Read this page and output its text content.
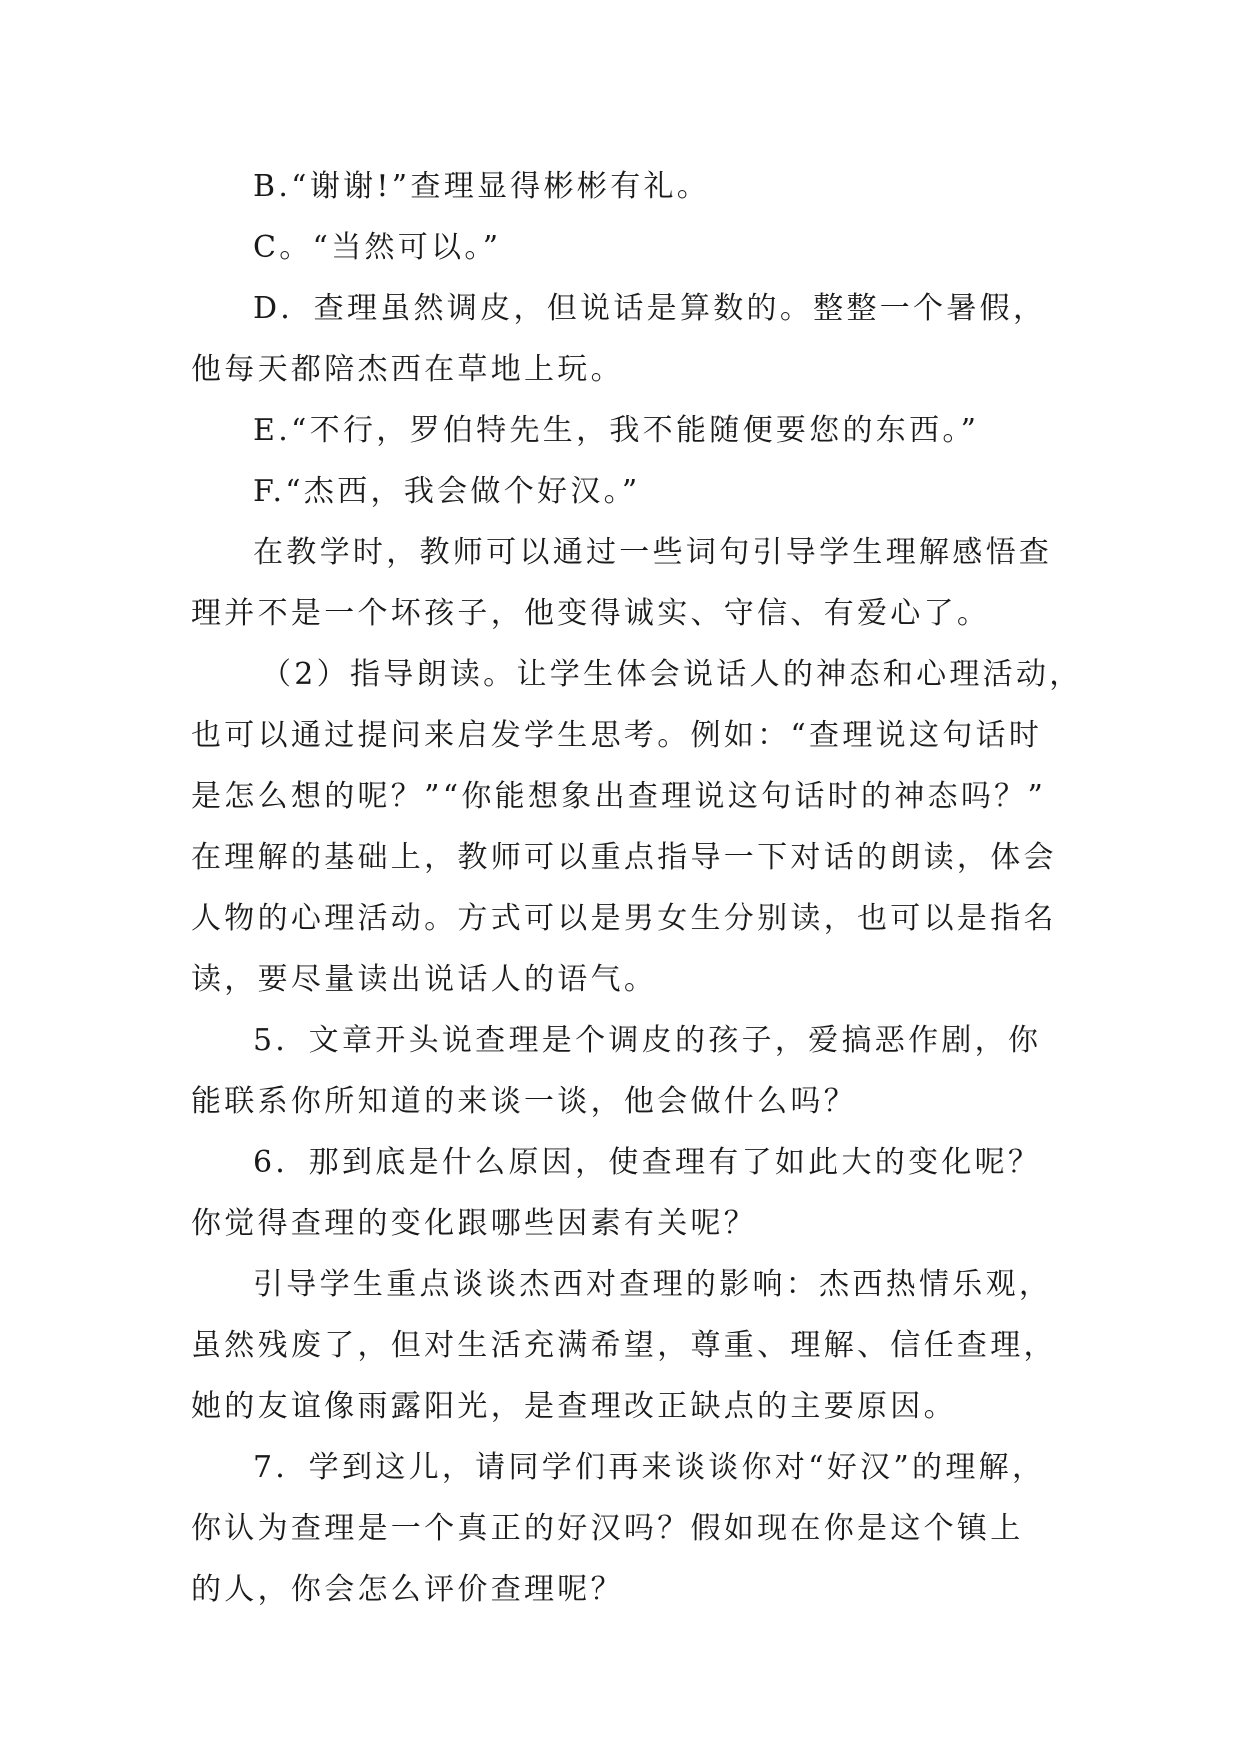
B.“谢谢!”查理显得彬彬有礼。
C。“当然可以。”
D．查理虽然调皮，但说话是算数的。整整一个暑假，
他每天都陪杰西在草地上玩。
E.“不行，罗伯特先生，我不能随便要您的东西。”
F.“杰西，我会做个好汉。”
在教学时，教师可以通过一些词句引导学生理解感悟查
理并不是一个坏孩子，他变得诚实、守信、有爱心了。
（2）指导朗读。让学生体会说话人的神态和心理活动，
也可以通过提问来启发学生思考。例如：“查理说这句话时
是怎么想的呢？”“你能想象出查理说这句话时的神态吗？”
在理解的基础上，教师可以重点指导一下对话的朗读，体会
人物的心理活动。方式可以是男女生分别读，也可以是指名
读，要尽量读出说话人的语气。
5．文章开头说查理是个调皮的孩子，爱搞恶作剧，你
能联系你所知道的来谈一谈，他会做什么吗？
6．那到底是什么原因，使查理有了如此大的变化呢？
你觉得查理的变化跟哪些因素有关呢？
引导学生重点谈谈杰西对查理的影响：杰西热情乐观，
虽然残废了，但对生活充满希望，尊重、理解、信任查理，
她的友谊像雨露阳光，是查理改正缺点的主要原因。
7．学到这儿，请同学们再来谈谈你对“好汉”的理解，
你认为查理是一个真正的好汉吗？假如现在你是这个镇上
的人，你会怎么评价查理呢？
